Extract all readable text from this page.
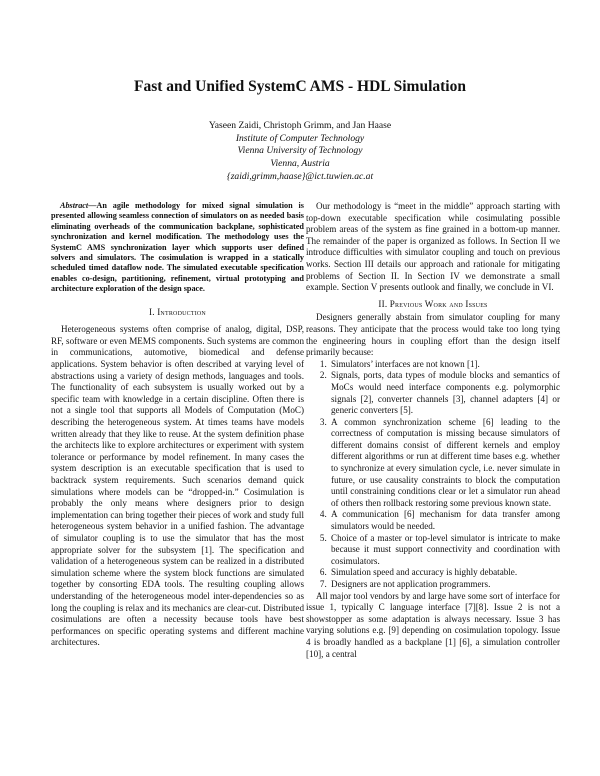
Fast and Unified SystemC AMS - HDL Simulation
Yaseen Zaidi, Christoph Grimm, and Jan Haase
Institute of Computer Technology
Vienna University of Technology
Vienna, Austria
{zaidi,grimm,haase}@ict.tuwien.ac.at

Abstract—An agile methodology for mixed signal simulation is presented allowing seamless connection of simulators on as needed basis eliminating overheads of the communication backplane, sophisticated synchronization and kernel modification. The methodology uses the SystemC AMS synchronization layer which supports user defined solvers and simulators. The cosimulation is wrapped in a statically scheduled timed dataflow node. The simulated executable specification enables co-design, partitioning, refinement, virtual prototyping and architecture exploration of the design space.

I. Introduction

Heterogeneous systems often comprise of analog, digital, DSP, RF, software or even MEMS components. Such systems are common in communications, automotive, biomedical and defense applications. System behavior is often described at varying level of abstractions using a variety of design methods, languages and tools. The functionality of each subsystem is usually worked out by a specific team with knowledge in a certain discipline. Often there is not a single tool that supports all Models of Computation (MoC) describing the heterogeneous system. At times teams have models written already that they like to reuse. At the system definition phase the architects like to explore architectures or experiment with system tolerance or performance by model refinement. In many cases the system description is an executable specification that is used to backtrack system requirements. Such scenarios demand quick simulations where models can be “dropped-in.” Cosimulation is probably the only means where designers prior to design implementation can bring together their pieces of work and study full heterogeneous system behavior in a unified fashion. The advantage of simulator coupling is to use the simulator that has the most appropriate solver for the subsystem [1]. The specification and validation of a heterogeneous system can be realized in a distributed simulation scheme where the system block functions are simulated together by consorting EDA tools. The resulting coupling allows understanding of the heterogeneous model inter-dependencies so as long the coupling is relax and its mechanics are clear-cut. Distributed cosimulations are often a necessity because tools have best performances on specific operating systems and different machine architectures.

Our methodology is “meet in the middle” approach starting with top-down executable specification while cosimulating possible problem areas of the system as fine grained in a bottom-up manner. The remainder of the paper is organized as follows. In Section II we introduce difficulties with simulator coupling and touch on previous works. Section III details our approach and rationale for mitigating problems of Section II. In Section IV we demonstrate a small example. Section V presents outlook and finally, we conclude in VI.

II. Previous Work and Issues

Designers generally abstain from simulator coupling for many reasons. They anticipate that the process would take too long tying the engineering hours in coupling effort than the design itself primarily because:

1. Simulators’ interfaces are not known [1].
2. Signals, ports, data types of module blocks and semantics of MoCs would need interface components e.g. polymorphic signals [2], converter channels [3], channel adapters [4] or generic converters [5].
3. A common synchronization scheme [6] leading to the correctness of computation is missing because simulators of different domains consist of different kernels and employ different algorithms or run at different time bases e.g. whether to synchronize at every simulation cycle, i.e. never simulate in future, or use causality constraints to block the computation until constraining conditions clear or let a simulator run ahead of others then rollback restoring some previous known state.
4. A communication [6] mechanism for data transfer among simulators would be needed.
5. Choice of a master or top-level simulator is intricate to make because it must support connectivity and coordination with cosimulators.
6. Simulation speed and accuracy is highly debatable.
7. Designers are not application programmers.

All major tool vendors by and large have some sort of interface for issue 1, typically C language interface [7][8]. Issue 2 is not a showstopper as some adaptation is always necessary. Issue 3 has varying solutions e.g. [9] depending on cosimulation topology. Issue 4 is broadly handled as a backplane [1] [6], a simulation controller [10], a central
